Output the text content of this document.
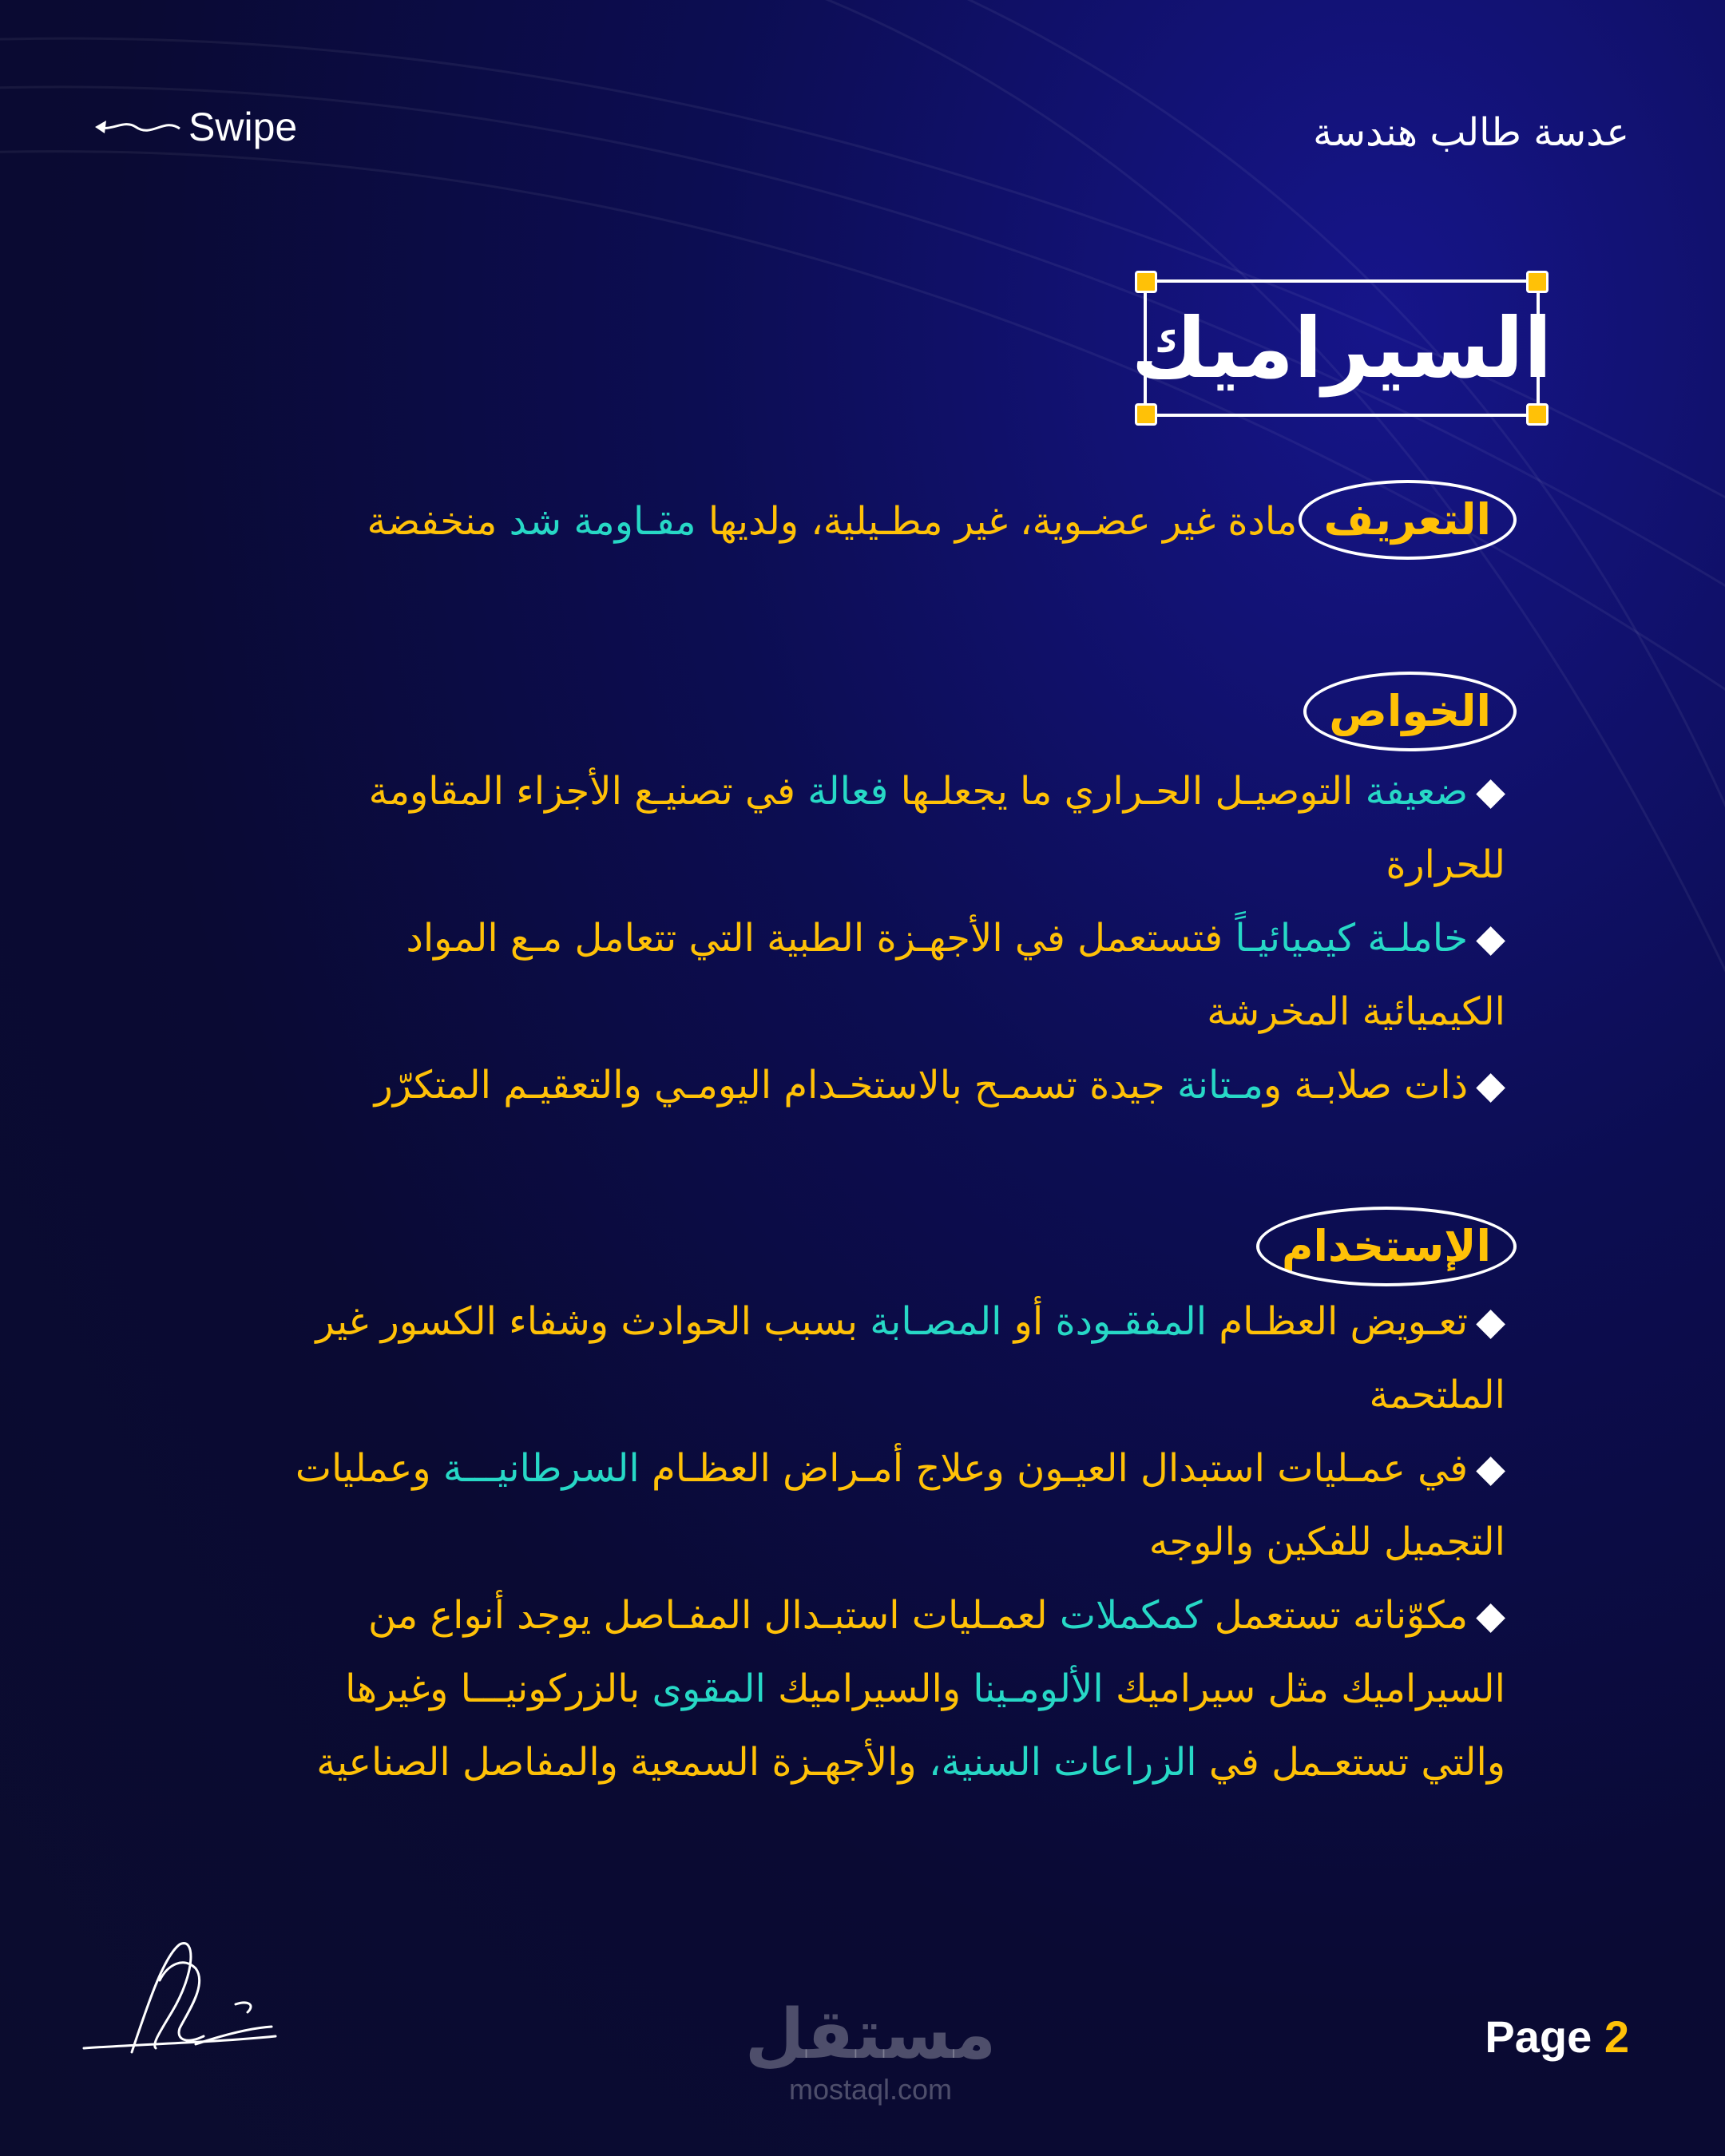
Swipe	عدسة طالب هندسة
السيراميك

التعريف مادة غير عضـوية، غير مطـيلية، ولديها مقـاومة شد منخفضة

الخواص

◆ضعيفة التوصيـل الحـراري ما يجعلـها فعالة في تصنيـع الأجزاء المقاومة للحرارة

◆خاملـة كيميائيـاً فتستعمل في الأجهـزة الطبية التي تتعامل مـع المواد الكيميائية المخرشة

◆ذات صلابـة ومـتانة جيدة تسمـح بالاستخـدام اليومـي والتعقيـم المتكرّر

الإستخدام

◆تعـويض العظـام المفقـودة أو المصـابة بسبب الحوادث وشفاء الكسور غير الملتحمة

◆في عمـليات استبدال العيـون وعلاج أمـراض العظـام السرطانيـــة وعمليات التجميل للفكين والوجه

◆مكوّناته تستعمل كمكملات لعمـليات استبـدال المفـاصل يوجد أنواع من السيراميك مثل سيراميك الألومـينا والسيراميك المقوى بالزركونيـــا وغيرها والتي تستعـمل في الزراعات السنية، والأجهـزة السمعية والمفاصل الصناعية

مستقل
mostaql.com
Page 2
